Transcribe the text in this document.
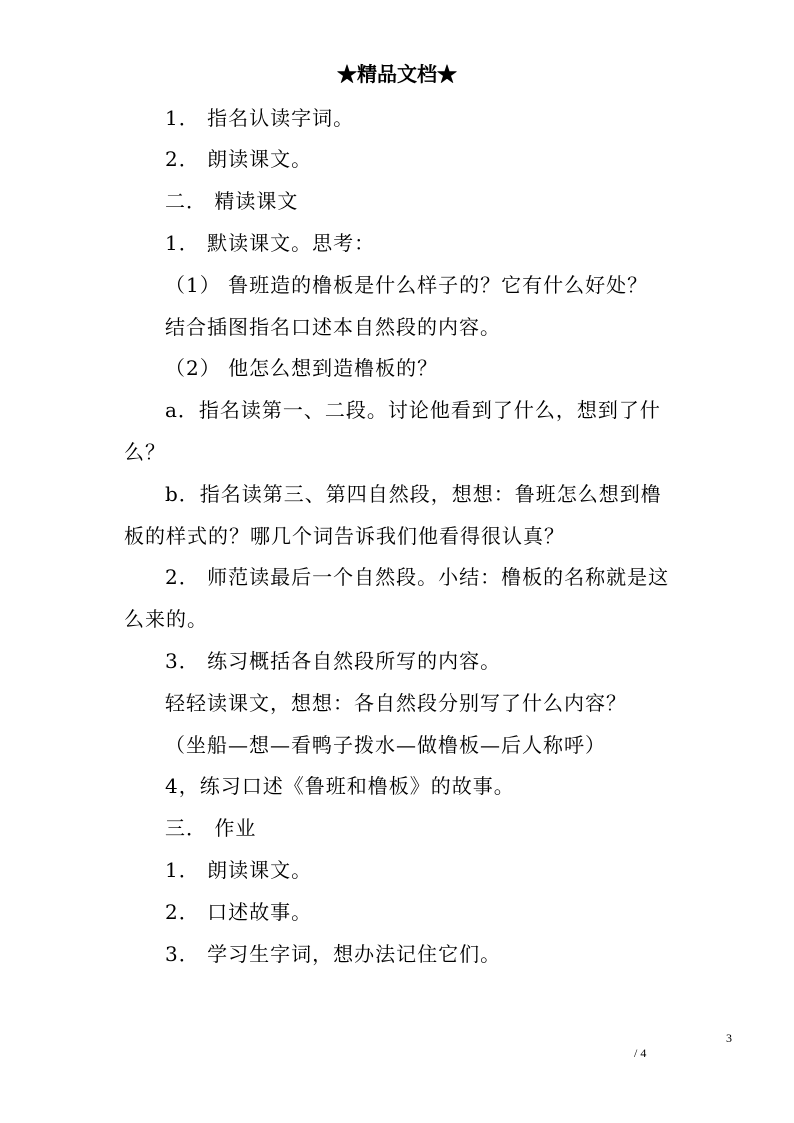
★精品文档★
1． 指名认读字词。
2． 朗读课文。
二． 精读课文
1． 默读课文。思考：
（1） 鲁班造的橹板是什么样子的？它有什么好处？
结合插图指名口述本自然段的内容。
（2） 他怎么想到造橹板的？
a．指名读第一、二段。讨论他看到了什么，想到了什
么？
b．指名读第三、第四自然段，想想：鲁班怎么想到橹
板的样式的？哪几个词告诉我们他看得很认真？
2． 师范读最后一个自然段。小结：橹板的名称就是这
么来的。
3． 练习概括各自然段所写的内容。
轻轻读课文，想想：各自然段分别写了什么内容？
（坐船—想—看鸭子拨水—做橹板—后人称呼）
4，练习口述《鲁班和橹板》的故事。
三． 作业
1． 朗读课文。
2． 口述故事。
3． 学习生字词，想办法记住它们。
3
/ 4
